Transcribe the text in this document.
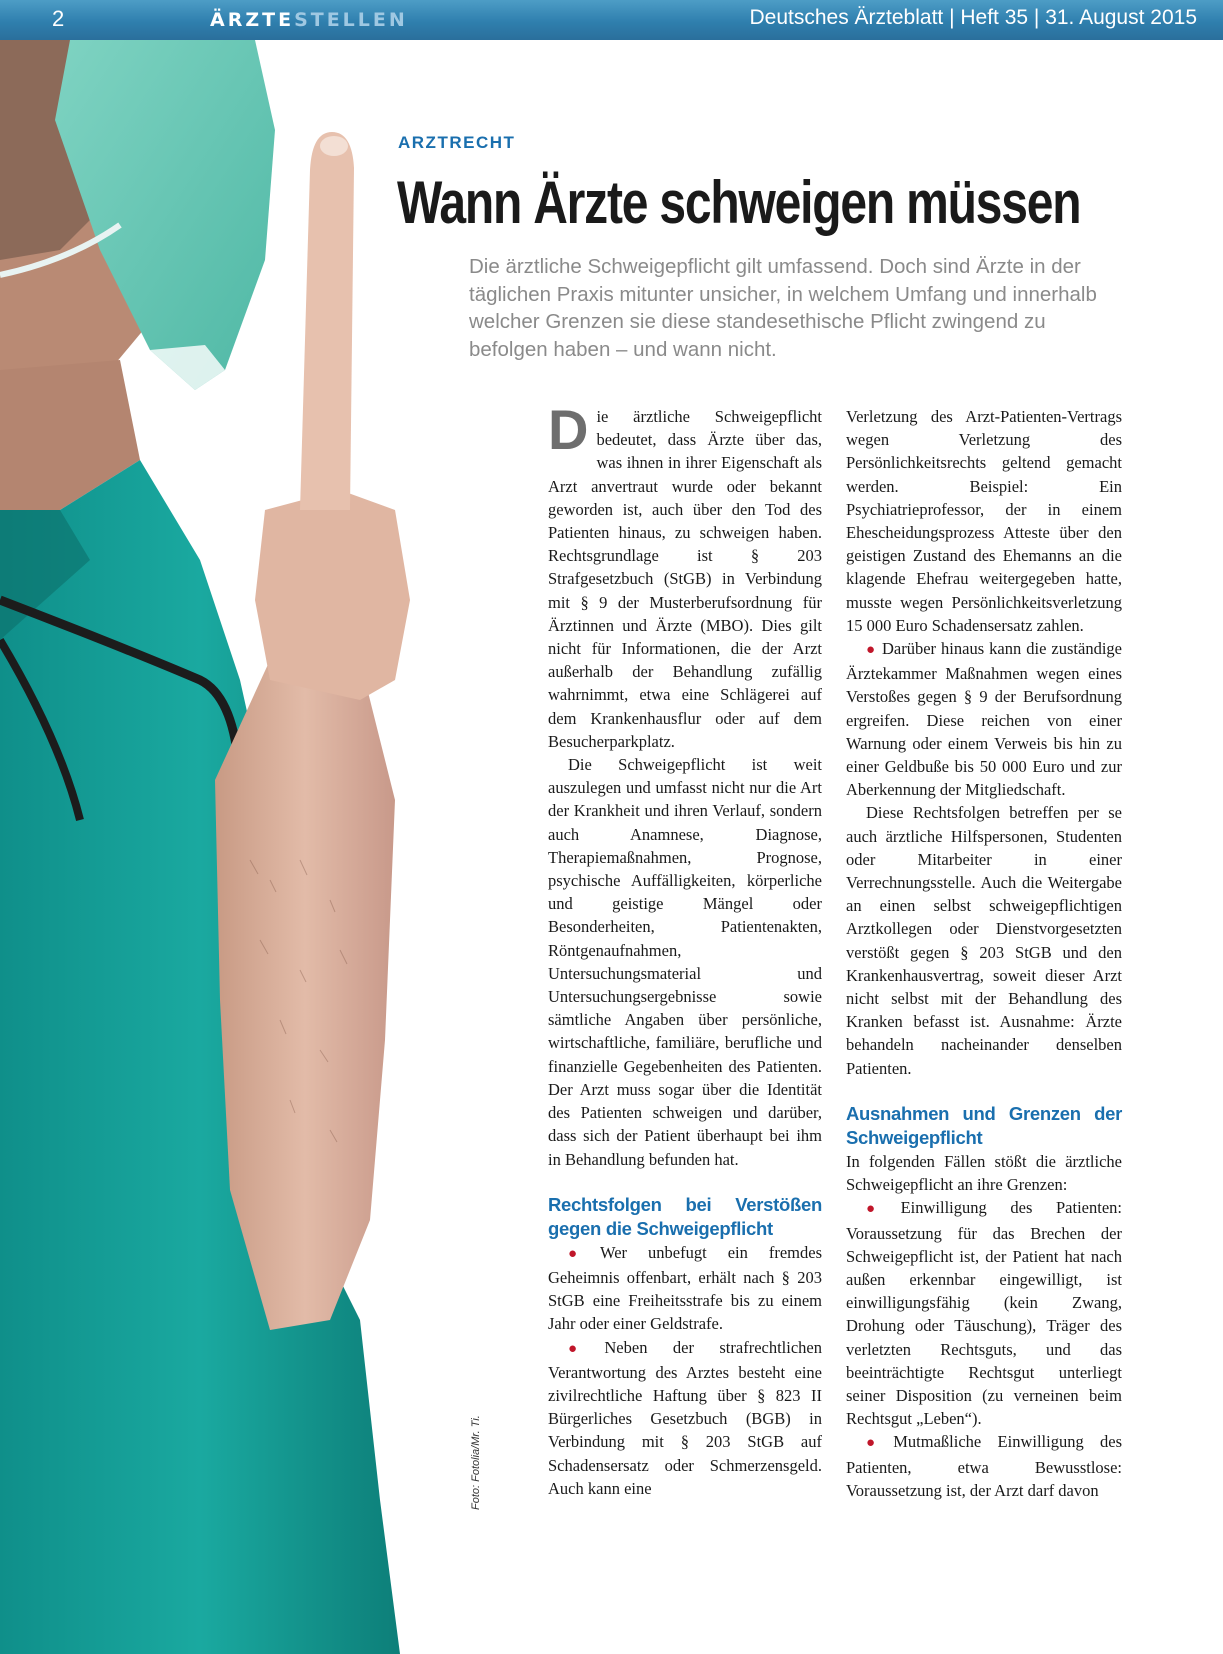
2	ÄRZTESTELLEN	Deutsches Ärzteblatt | Heft 35 | 31. August 2015
Foto: Fotolia/Mr. Ti.
ARZTRECHT
Wann Ärzte schweigen müssen

Die ärztliche Schweigepflicht gilt umfassend. Doch sind Ärzte in der täglichen Praxis mitunter unsicher, in welchem Umfang und innerhalb welcher Grenzen sie diese standesethische Pflicht zwingend zu befolgen haben – und wann nicht.

Die ärztliche Schweigepflicht bedeutet, dass Ärzte über das, was ihnen in ihrer Eigenschaft als Arzt anvertraut wurde oder bekannt geworden ist, auch über den Tod des Patienten hinaus, zu schweigen haben. Rechtsgrundlage ist § 203 Strafgesetzbuch (StGB) in Verbindung mit § 9 der Musterberufsordnung für Ärztinnen und Ärzte (MBO). Dies gilt nicht für Informationen, die der Arzt außerhalb der Behandlung zufällig wahrnimmt, etwa eine Schlägerei auf dem Krankenhausflur oder auf dem Besucherparkplatz.

Die Schweigepflicht ist weit auszulegen und umfasst nicht nur die Art der Krankheit und ihren Verlauf, sondern auch Anamnese, Diagnose, Therapiemaßnahmen, Prognose, psychische Auffälligkeiten, körperliche und geistige Mängel oder Besonderheiten, Patientenakten, Röntgenaufnahmen, Untersuchungsmaterial und Untersuchungsergebnisse sowie sämtliche Angaben über persönliche, wirtschaftliche, familiäre, berufliche und finanzielle Gegebenheiten des Patienten. Der Arzt muss sogar über die Identität des Patienten schweigen und darüber, dass sich der Patient überhaupt bei ihm in Behandlung befunden hat.

Rechtsfolgen bei Verstößen gegen die Schweigepflicht

● Wer unbefugt ein fremdes Geheimnis offenbart, erhält nach § 203 StGB eine Freiheitsstrafe bis zu einem Jahr oder einer Geldstrafe.

● Neben der strafrechtlichen Verantwortung des Arztes besteht eine zivilrechtliche Haftung über § 823 II Bürgerliches Gesetzbuch (BGB) in Verbindung mit § 203 StGB auf Schadensersatz oder Schmerzensgeld. Auch kann eine

Verletzung des Arzt-Patienten-Vertrags wegen Verletzung des Persönlichkeitsrechts geltend gemacht werden. Beispiel: Ein Psychiatrieprofessor, der in einem Ehescheidungsprozess Atteste über den geistigen Zustand des Ehemanns an die klagende Ehefrau weitergegeben hatte, musste wegen Persönlichkeitsverletzung 15 000 Euro Schadensersatz zahlen.

● Darüber hinaus kann die zuständige Ärztekammer Maßnahmen wegen eines Verstoßes gegen § 9 der Berufsordnung ergreifen. Diese reichen von einer Warnung oder einem Verweis bis hin zu einer Geldbuße bis 50 000 Euro und zur Aberkennung der Mitgliedschaft.

Diese Rechtsfolgen betreffen per se auch ärztliche Hilfspersonen, Studenten oder Mitarbeiter in einer Verrechnungsstelle. Auch die Weitergabe an einen selbst schweigepflichtigen Arztkollegen oder Dienstvorgesetzten verstößt gegen § 203 StGB und den Krankenhausvertrag, soweit dieser Arzt nicht selbst mit der Behandlung des Kranken befasst ist. Ausnahme: Ärzte behandeln nacheinander denselben Patienten.

Ausnahmen und Grenzen der Schweigepflicht

In folgenden Fällen stößt die ärztliche Schweigepflicht an ihre Grenzen:

● Einwilligung des Patienten: Voraussetzung für das Brechen der Schweigepflicht ist, der Patient hat nach außen erkennbar eingewilligt, ist einwilligungsfähig (kein Zwang, Drohung oder Täuschung), Träger des verletzten Rechtsguts, und das beeinträchtigte Rechtsgut unterliegt seiner Disposition (zu verneinen beim Rechtsgut „Leben“).

● Mutmaßliche Einwilligung des Patienten, etwa Bewusstlose: Voraussetzung ist, der Arzt darf davon
